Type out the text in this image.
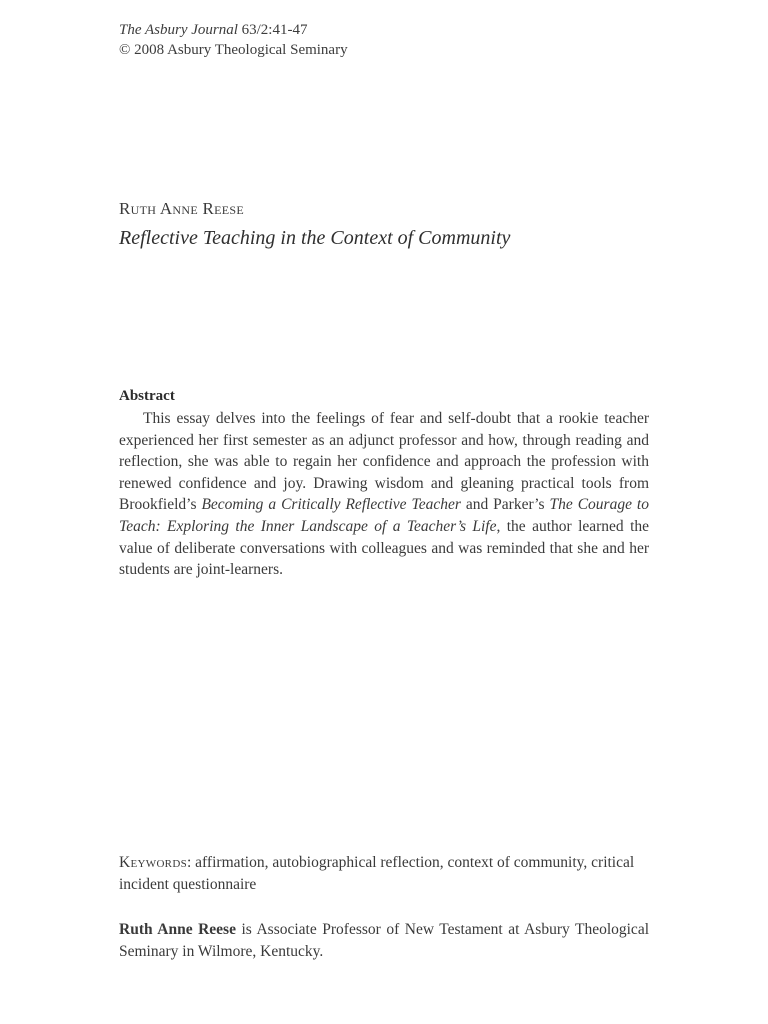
The Asbury Journal 63/2:41-47
© 2008 Asbury Theological Seminary
Ruth Anne Reese
Reflective Teaching in the Context of Community
Abstract

This essay delves into the feelings of fear and self-doubt that a rookie teacher experienced her first semester as an adjunct professor and how, through reading and reflection, she was able to regain her confidence and approach the profession with renewed confidence and joy. Drawing wisdom and gleaning practical tools from Brookfield’s Becoming a Critically Reflective Teacher and Parker’s The Courage to Teach: Exploring the Inner Landscape of a Teacher’s Life, the author learned the value of deliberate conversations with colleagues and was reminded that she and her students are joint-learners.

Keywords: affirmation, autobiographical reflection, context of community, critical incident questionnaire
Ruth Anne Reese is Associate Professor of New Testament at Asbury Theological Seminary in Wilmore, Kentucky.
